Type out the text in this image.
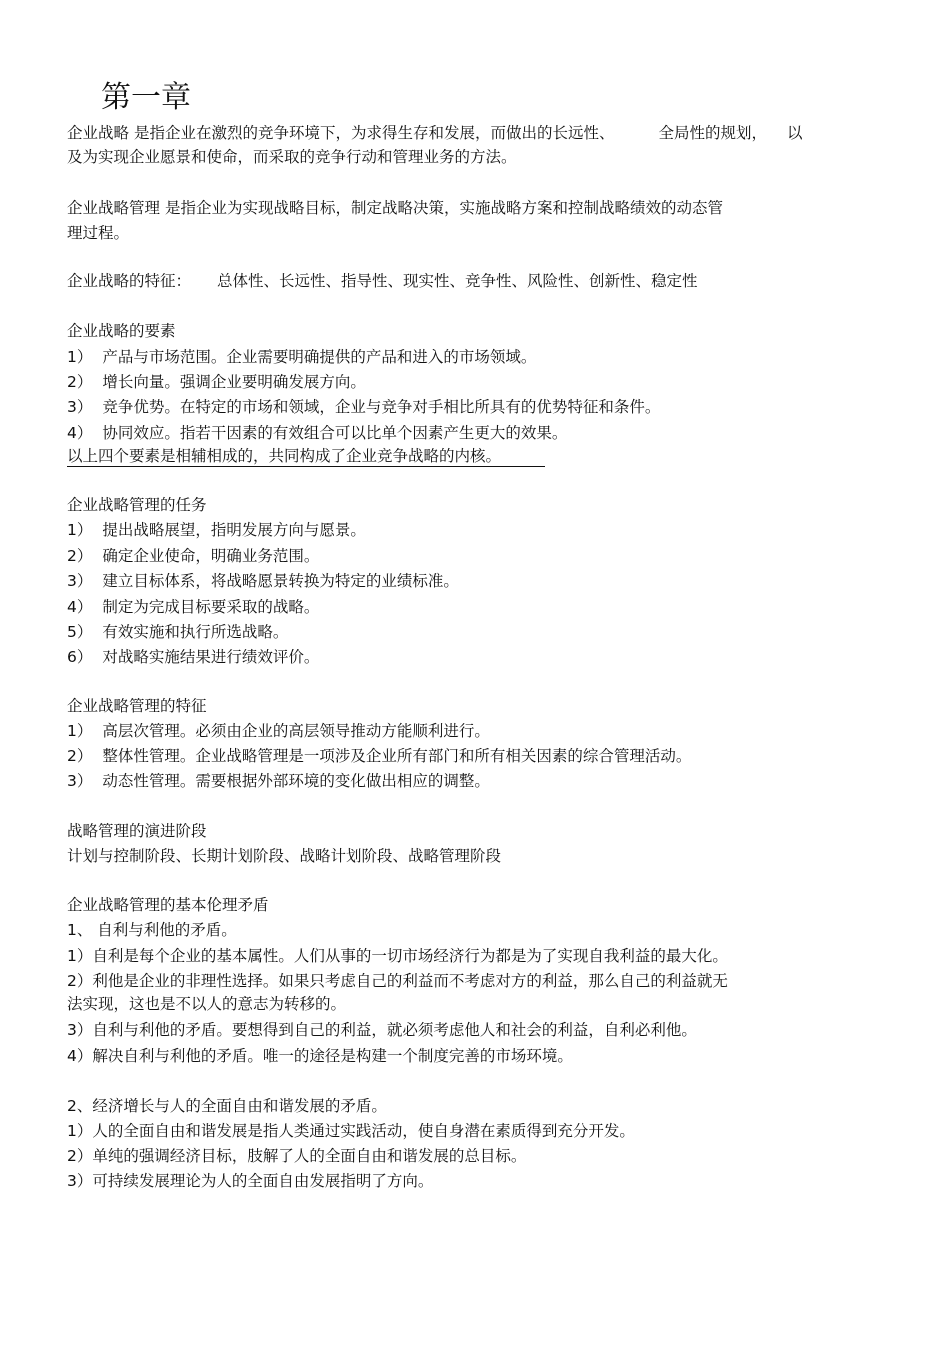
第一章
企业战略 是指企业在激烈的竞争环境下，为求得生存和发展，而做出的长远性、	全局性的规划， 以
及为实现企业愿景和使命，而采取的竞争行动和管理业务的方法。
企业战略管理 是指企业为实现战略目标，制定战略决策，实施战略方案和控制战略绩效的动态管
理过程。
企业战略的特征： 总体性、长远性、指导性、现实性、竞争性、风险性、创新性、稳定性
企业战略的要素
1） 产品与市场范围。企业需要明确提供的产品和进入的市场领域。
2） 增长向量。强调企业要明确发展方向。
3） 竞争优势。在特定的市场和领域，企业与竞争对手相比所具有的优势特征和条件。
4） 协同效应。指若干因素的有效组合可以比单个因素产生更大的效果。
以上四个要素是相辅相成的，共同构成了企业竞争战略的内核。
企业战略管理的任务
1） 提出战略展望，指明发展方向与愿景。
2） 确定企业使命，明确业务范围。
3） 建立目标体系，将战略愿景转换为特定的业绩标准。
4） 制定为完成目标要采取的战略。
5） 有效实施和执行所选战略。
6） 对战略实施结果进行绩效评价。
企业战略管理的特征
1） 高层次管理。必须由企业的高层领导推动方能顺利进行。
2） 整体性管理。企业战略管理是一项涉及企业所有部门和所有相关因素的综合管理活动。
3） 动态性管理。需要根据外部环境的变化做出相应的调整。
战略管理的演进阶段
计划与控制阶段、长期计划阶段、战略计划阶段、战略管理阶段
企业战略管理的基本伦理矛盾
1、 自利与利他的矛盾。
1）自利是每个企业的基本属性。人们从事的一切市场经济行为都是为了实现自我利益的最大化。
2）利他是企业的非理性选择。如果只考虑自己的利益而不考虑对方的利益，那么自己的利益就无
法实现，这也是不以人的意志为转移的。
3）自利与利他的矛盾。要想得到自己的利益，就必须考虑他人和社会的利益，自利必利他。
4）解决自利与利他的矛盾。唯一的途径是构建一个制度完善的市场环境。
2、经济增长与人的全面自由和谐发展的矛盾。
1）人的全面自由和谐发展是指人类通过实践活动，使自身潜在素质得到充分开发。
2）单纯的强调经济目标，肢解了人的全面自由和谐发展的总目标。
3）可持续发展理论为人的全面自由发展指明了方向。
